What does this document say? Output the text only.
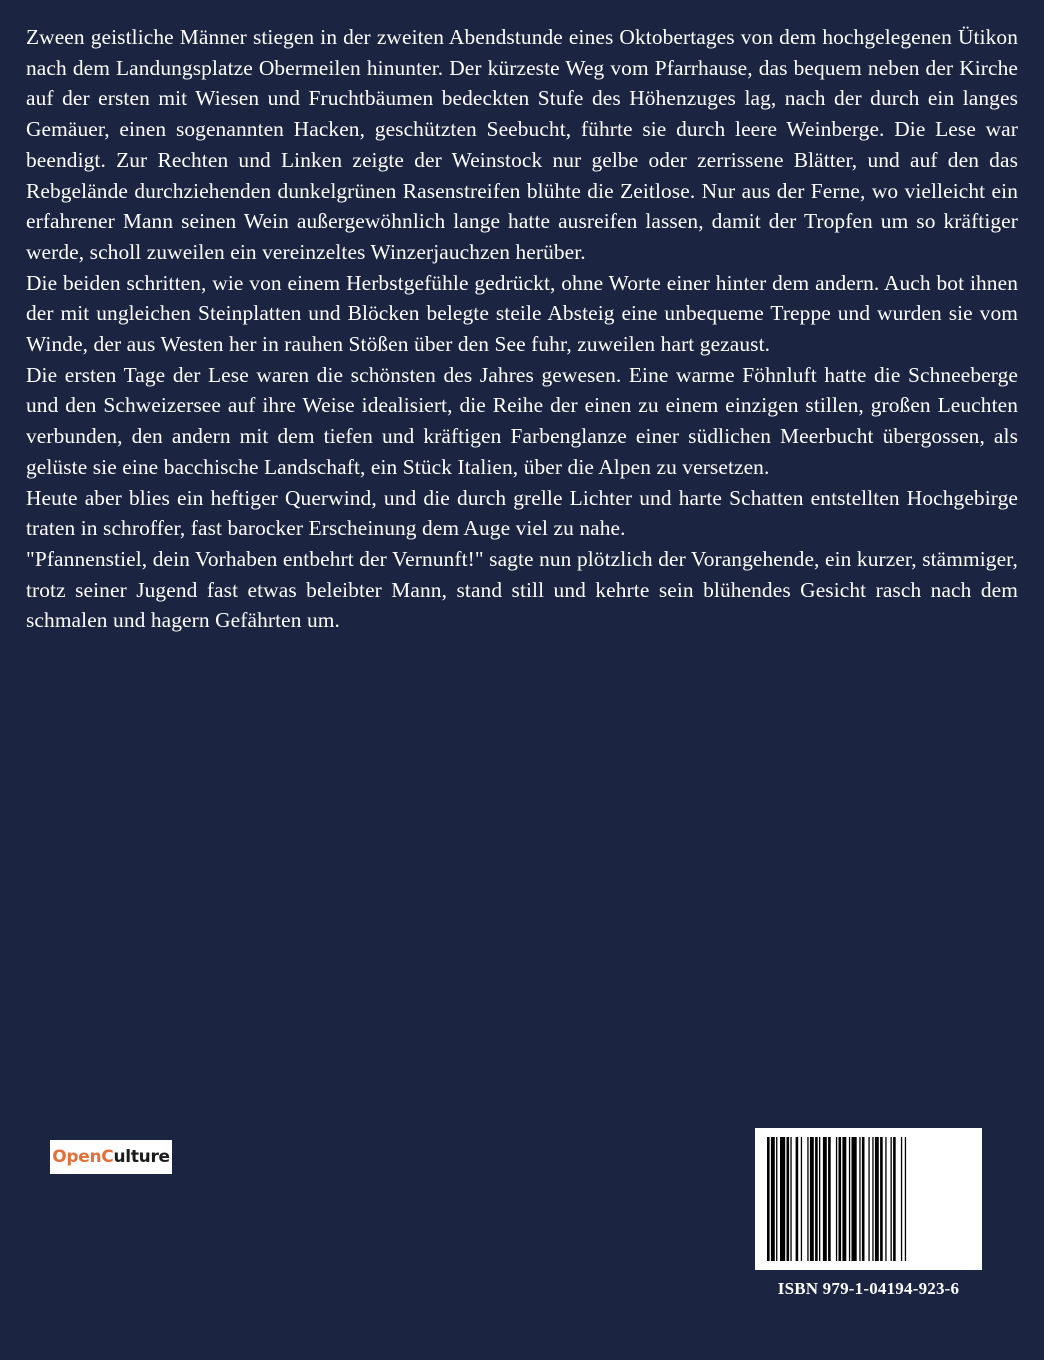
Zween geistliche Männer stiegen in der zweiten Abendstunde eines Oktobertages von dem hochgelegenen Ütikon nach dem Landungsplatze Obermeilen hinunter. Der kürzeste Weg vom Pfarrhause, das bequem neben der Kirche auf der ersten mit Wiesen und Fruchtbäumen bedeckten Stufe des Höhenzuges lag, nach der durch ein langes Gemäuer, einen sogenannten Hacken, geschützten Seebucht, führte sie durch leere Weinberge. Die Lese war beendigt. Zur Rechten und Linken zeigte der Weinstock nur gelbe oder zerrissene Blätter, und auf den das Rebgelände durchziehenden dunkelgrünen Rasenstreifen blühte die Zeitlose. Nur aus der Ferne, wo vielleicht ein erfahrener Mann seinen Wein außergewöhnlich lange hatte ausreifen lassen, damit der Tropfen um so kräftiger werde, scholl zuweilen ein vereinzeltes Winzerjauchzen herüber.

Die beiden schritten, wie von einem Herbstgefühle gedrückt, ohne Worte einer hinter dem andern. Auch bot ihnen der mit ungleichen Steinplatten und Blöcken belegte steile Absteig eine unbequeme Treppe und wurden sie vom Winde, der aus Westen her in rauhen Stößen über den See fuhr, zuweilen hart gezaust.

Die ersten Tage der Lese waren die schönsten des Jahres gewesen. Eine warme Föhnluft hatte die Schneeberge und den Schweizersee auf ihre Weise idealisiert, die Reihe der einen zu einem einzigen stillen, großen Leuchten verbunden, den andern mit dem tiefen und kräftigen Farbenglanze einer südlichen Meerbucht übergossen, als gelüste sie eine bacchische Landschaft, ein Stück Italien, über die Alpen zu versetzen.

Heute aber blies ein heftiger Querwind, und die durch grelle Lichter und harte Schatten entstellten Hochgebirge traten in schroffer, fast barocker Erscheinung dem Auge viel zu nahe.

"Pfannenstiel, dein Vorhaben entbehrt der Vernunft!" sagte nun plötzlich der Vorangehende, ein kurzer, stämmiger, trotz seiner Jugend fast etwas beleibter Mann, stand still und kehrte sein blühendes Gesicht rasch nach dem schmalen und hagern Gefährten um.

Open C ulture
ISBN 979-1-04194-923-6
